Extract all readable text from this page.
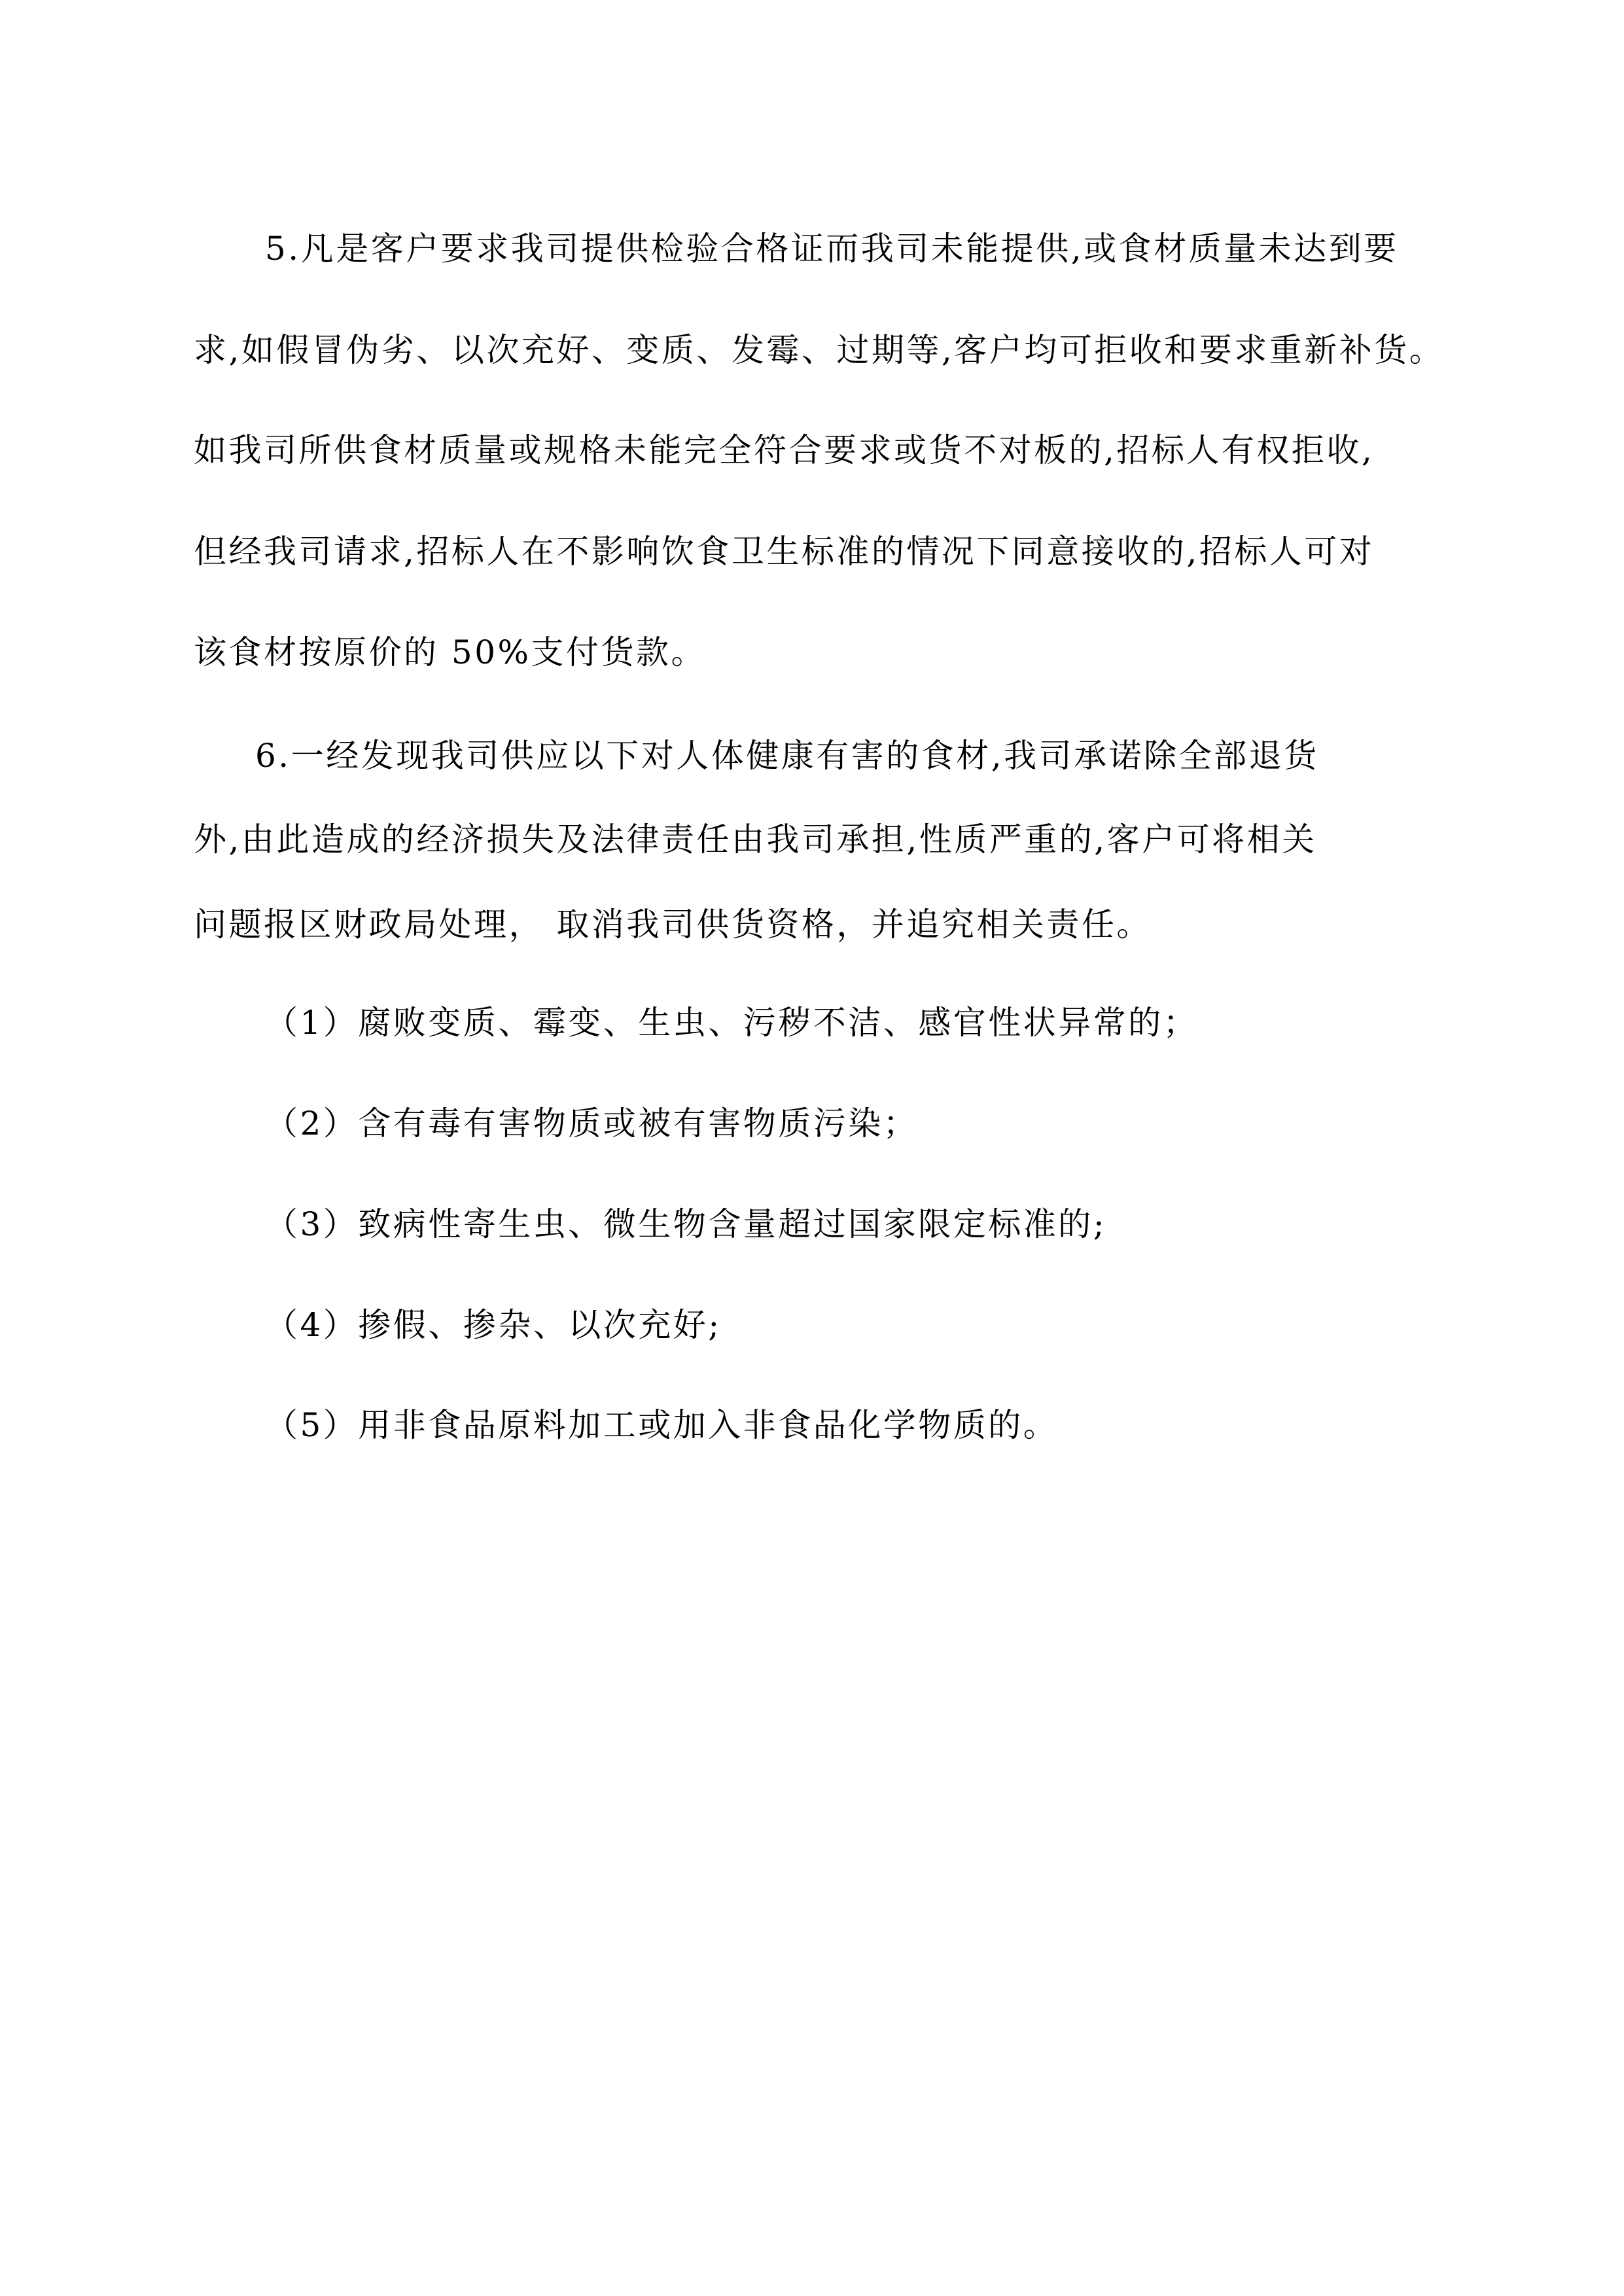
5.凡是客户要求我司提供检验合格证而我司未能提供,或食材质量未达到要
求,如假冒伪劣、以次充好、变质、发霉、过期等,客户均可拒收和要求重新补货。
如我司所供食材质量或规格未能完全符合要求或货不对板的,招标人有权拒收,
但经我司请求,招标人在不影响饮食卫生标准的情况下同意接收的,招标人可对
该食材按原价的 50%支付货款。
6.一经发现我司供应以下对人体健康有害的食材,我司承诺除全部退货
外,由此造成的经济损失及法律责任由我司承担,性质严重的,客户可将相关
问题报区财政局处理， 取消我司供货资格，并追究相关责任。
（1）腐败变质、霉变、生虫、污秽不洁、感官性状异常的；
（2）含有毒有害物质或被有害物质污染；
（3）致病性寄生虫、微生物含量超过国家限定标准的;
（4）掺假、掺杂、以次充好;
（5）用非食品原料加工或加入非食品化学物质的。
